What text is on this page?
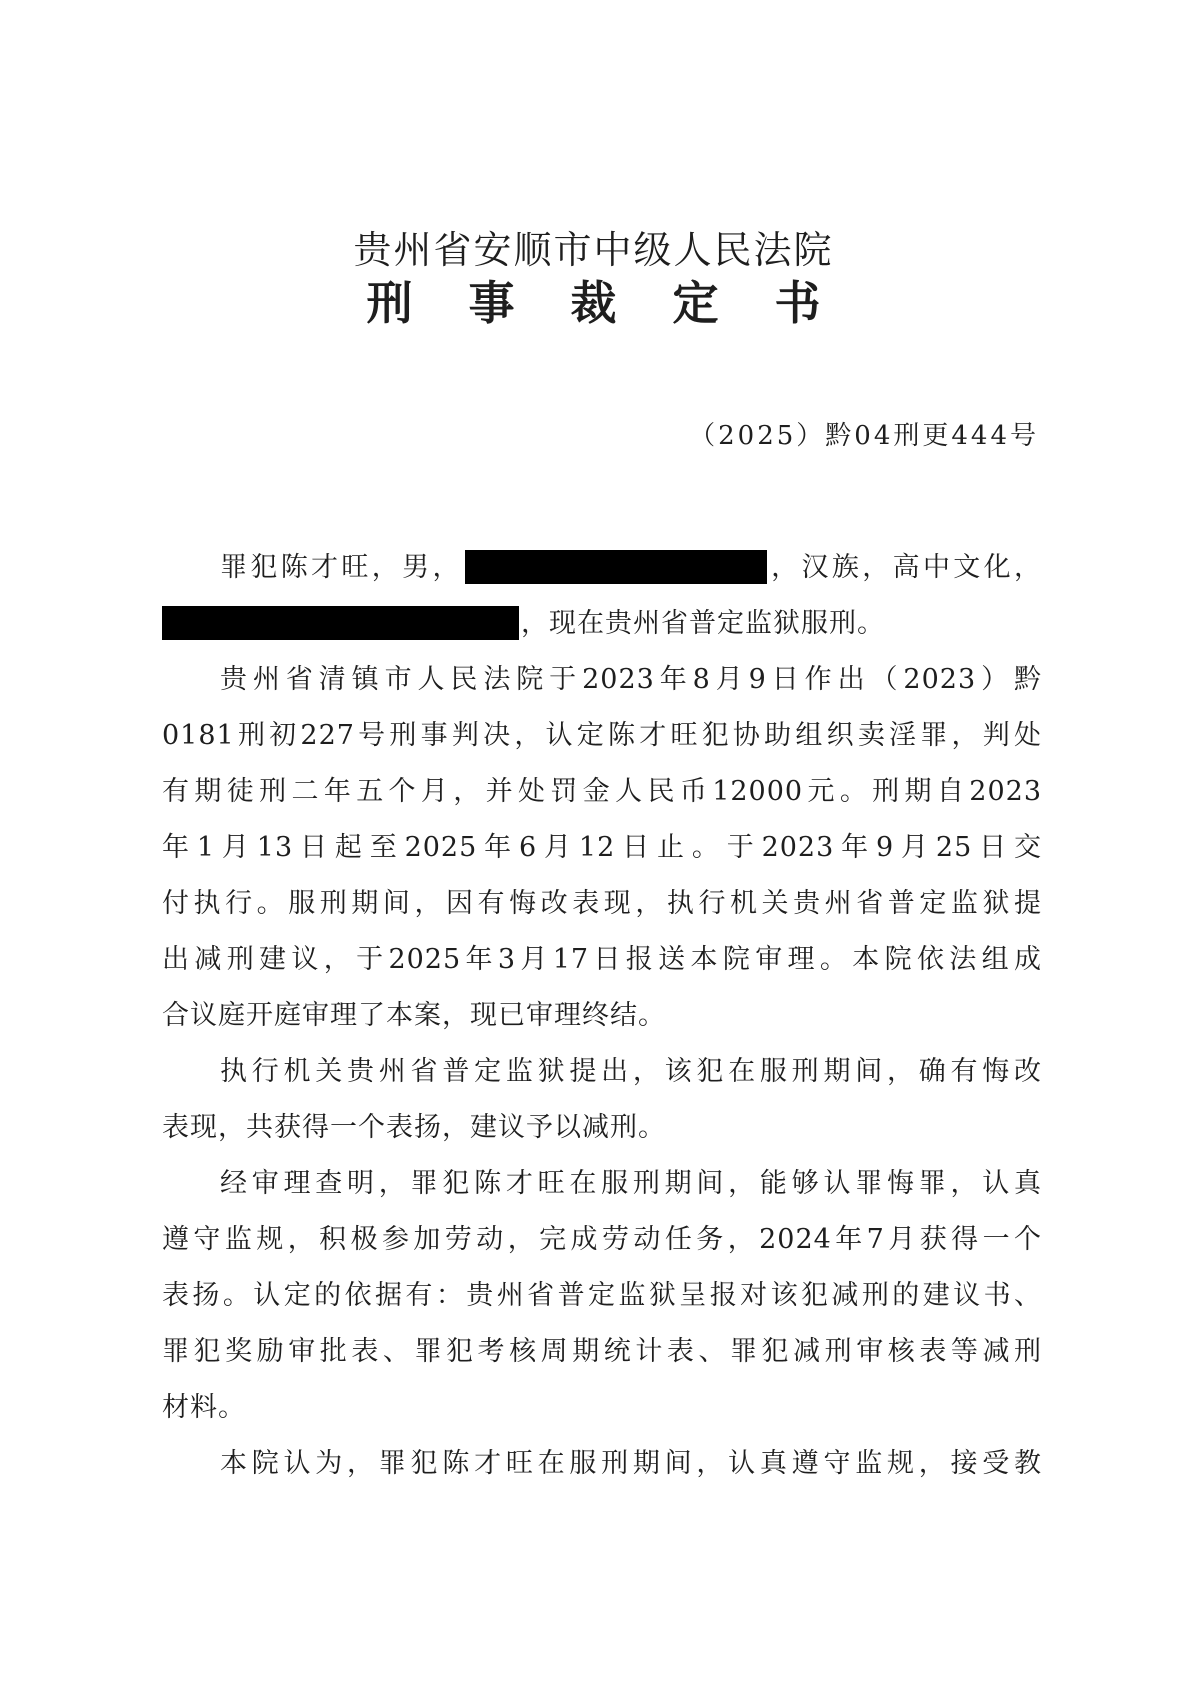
贵州省安顺市中级人民法院
刑 事 裁 定 书
（2025）黔04刑更444号
罪犯陈才旺，男，	，汉族，高中文化，
，现在贵州省普定监狱服刑。
贵州省清镇市人民法院于2023年8月9日作出（2023）黔
0181刑初227号刑事判决，认定陈才旺犯协助组织卖淫罪，判处
有期徒刑二年五个月，并处罚金人民币12000元。刑期自2023
年1月13日起至2025年6月12日止。于2023年9月25日交
付执行。服刑期间，因有悔改表现，执行机关贵州省普定监狱提
出减刑建议，于2025年3月17日报送本院审理。本院依法组成
合议庭开庭审理了本案，现已审理终结。
执行机关贵州省普定监狱提出，该犯在服刑期间，确有悔改
表现，共获得一个表扬，建议予以减刑。
经审理查明，罪犯陈才旺在服刑期间，能够认罪悔罪，认真
遵守监规，积极参加劳动，完成劳动任务，2024年7月获得一个
表扬。认定的依据有：贵州省普定监狱呈报对该犯减刑的建议书、
罪犯奖励审批表、罪犯考核周期统计表、罪犯减刑审核表等减刑
材料。
本院认为，罪犯陈才旺在服刑期间，认真遵守监规，接受教
